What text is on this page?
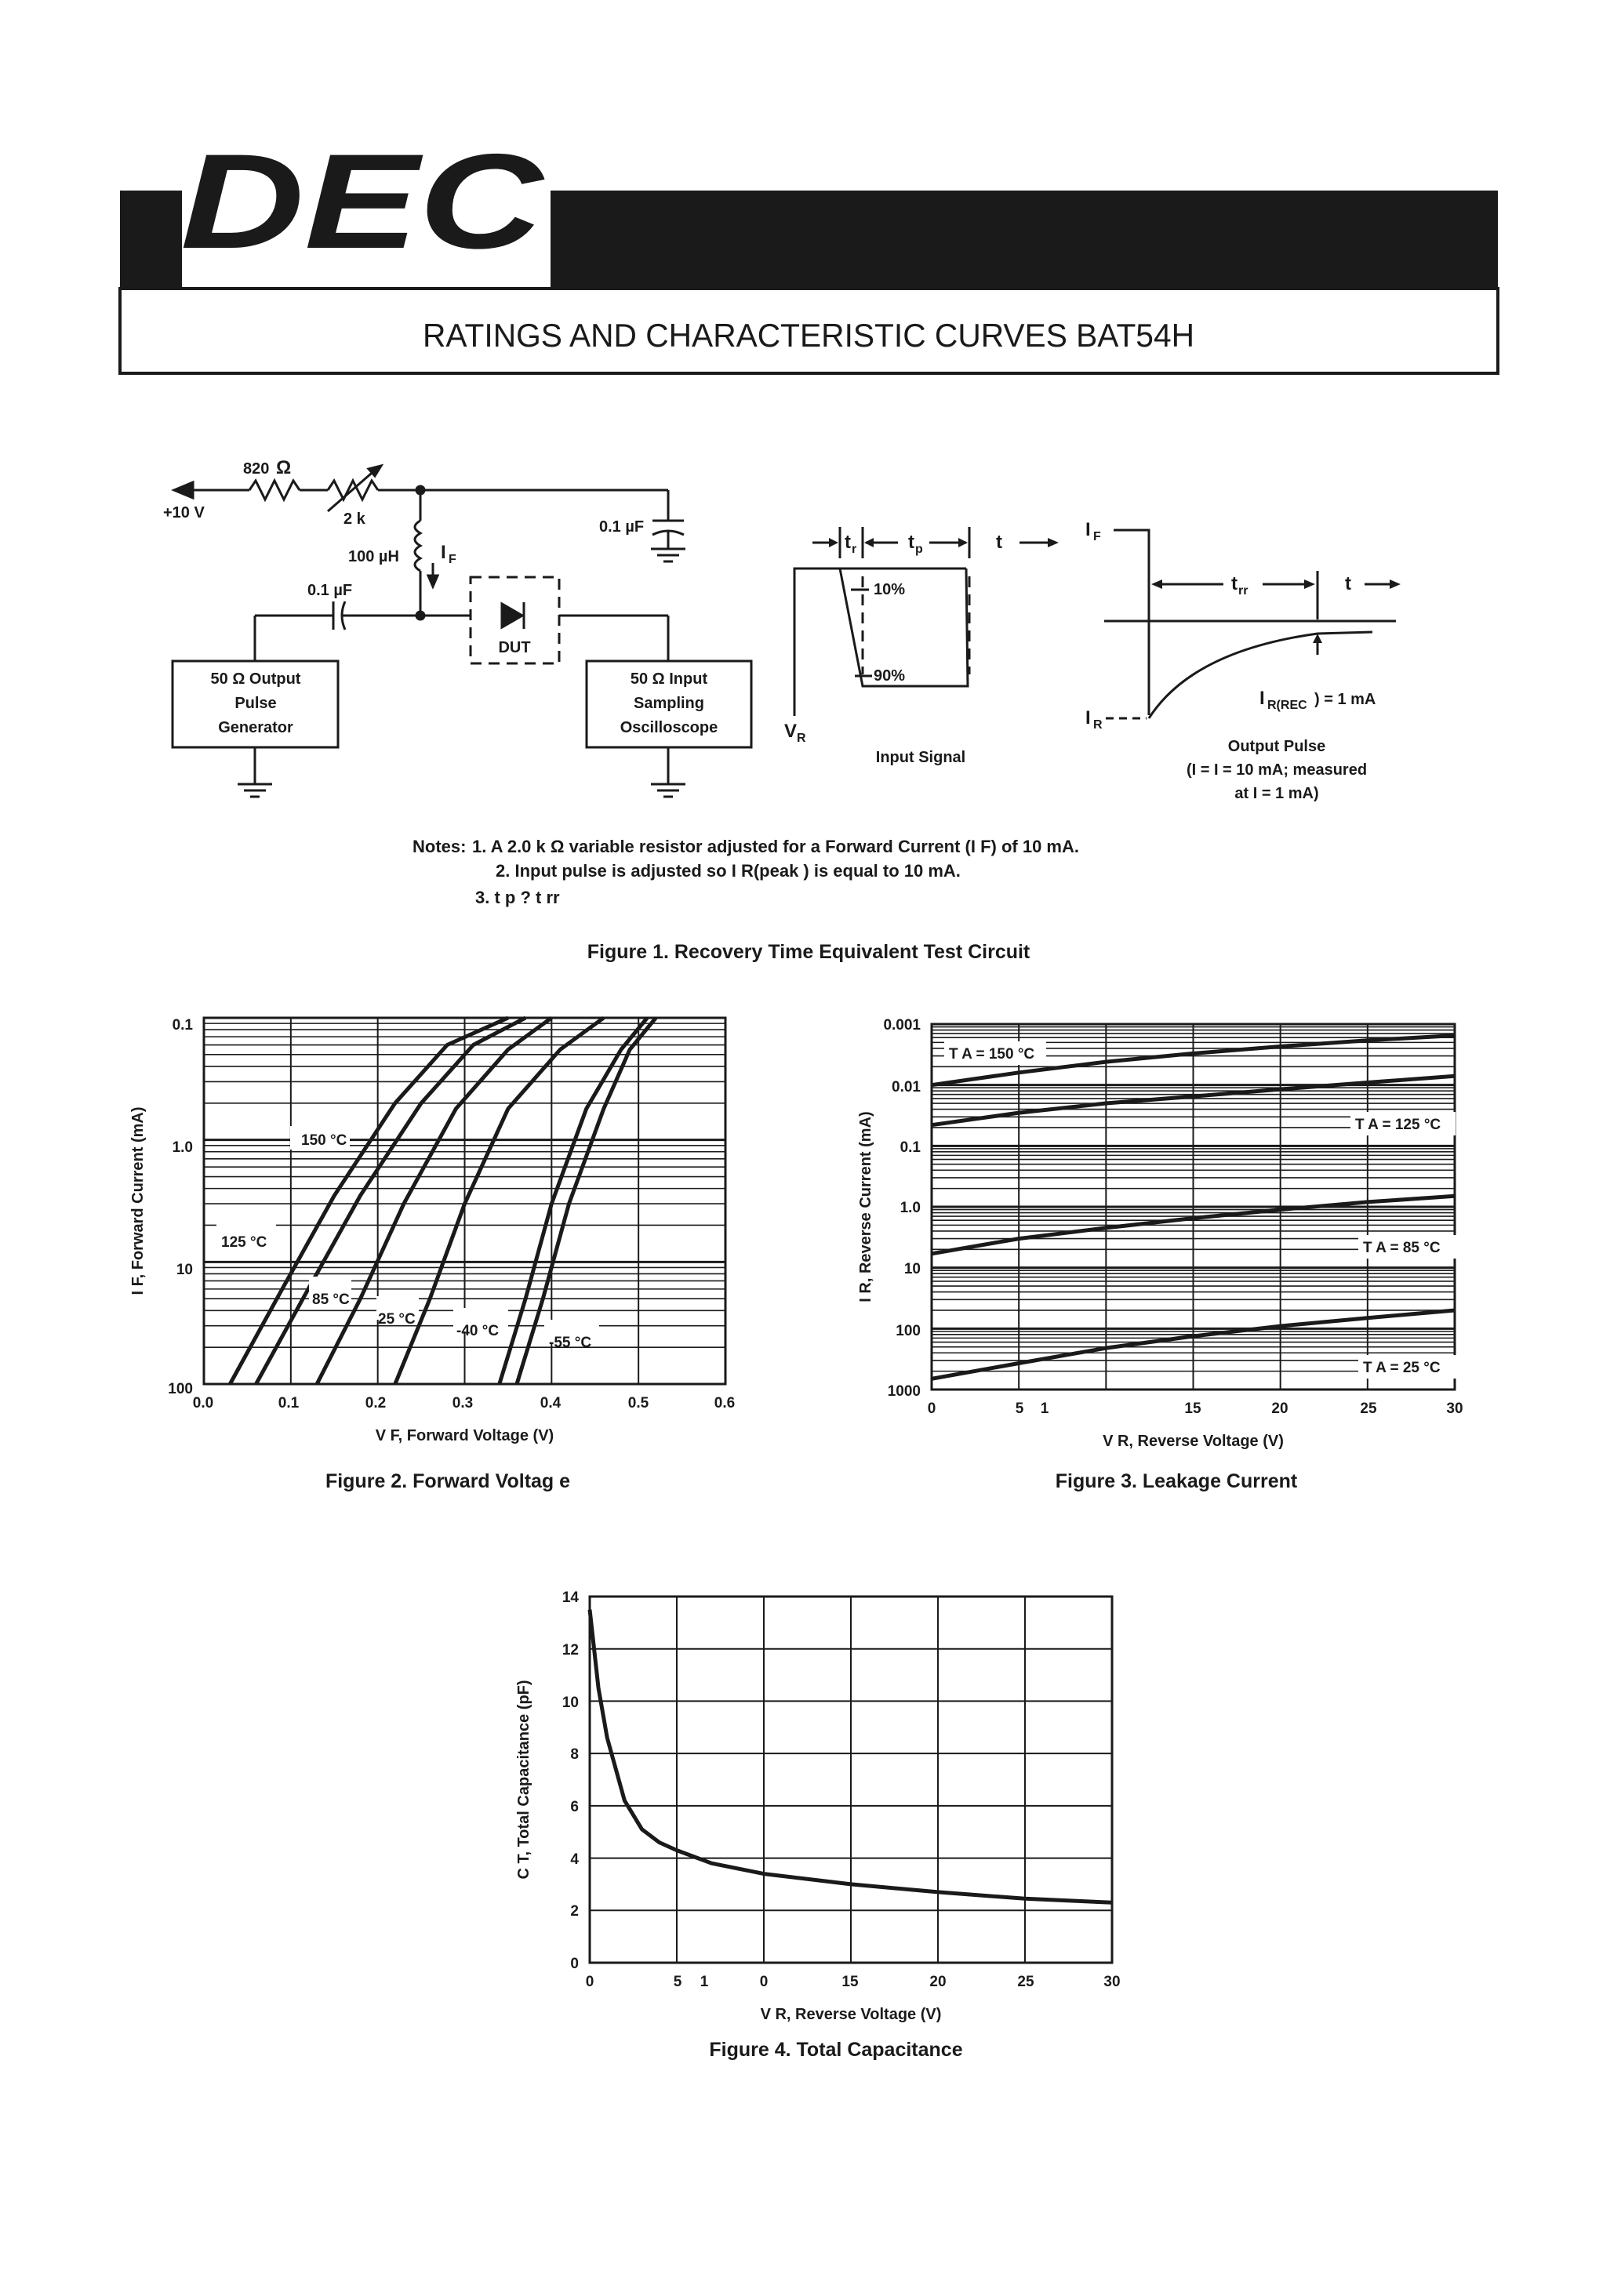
DEC
RATINGS AND CHARACTERISTIC CURVES BAT54H
+10 V
820 Ω
2 k
100 µH I F
0.1 µF
0.1 µF
DUT
50 Ω Output
Pulse
Generator
50 Ω Input
Sampling
Oscilloscope
t r	t p	t
10%
90%
V R
Input Signal
I F
I R
t rr	t
I R(REC ) = 1 mA
Output Pulse
(I = I = 10 mA; measured
at I = 1 mA)
Notes: 1. A 2.0 k Ω variable resistor adjusted for a Forward Current (I F) of 10 mA.
2. Input pulse is adjusted so I R(peak ) is equal to 10 mA.
3. t p ? t rr
Figure 1. Recovery Time Equivalent Test Circuit
0.0	0.1	0.2	0.3	0.4	0.5	0.6
0.1
1.0
10
100
V F, Forward Voltage (V)
I F, Forward Current (mA)	150 °C
125 °C
85 °C
25 °C
-40 °C
-55 °C
Figure 2. Forward Voltag e
0	5 1	15	20	25	30
0.001
0.01
0.1
1.0
10
100
1000
V R, Reverse Voltage (V)
I R, Reverse Current (mA)
T A = 150 °C
T A = 125 °C
T A = 85 °C
T A = 25 °C
Figure 3. Leakage Current
0	5 1	0	15	20	25	30
0
2
4
6
8
10
12
14
V R, Reverse Voltage (V)
C T, Total Capacitance (pF)
Figure 4. Total Capacitance
